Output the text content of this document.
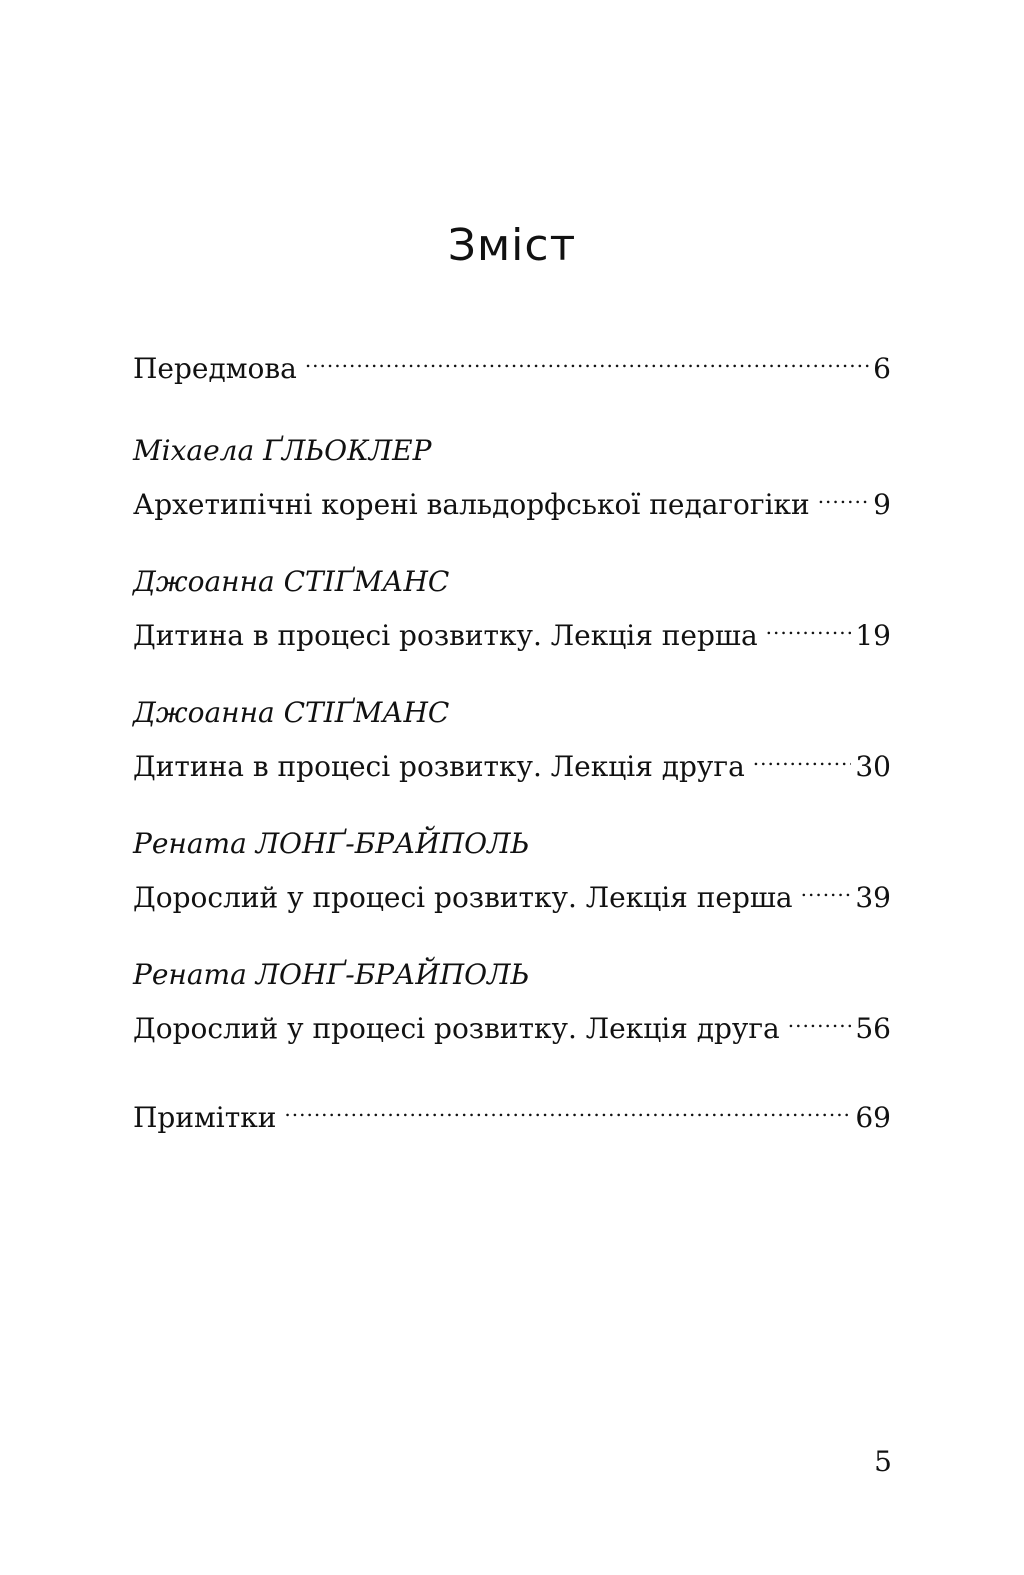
Зміст
Передмова .....	6
Міхаела ҐЛЬОКЛЕР
Архетипічні корені вальдорфської педагогіки ..... 9
Джоанна СТІҐМАНС
Дитина в процесі розвитку. Лекція перша .....	19
Джоанна СТІҐМАНС
Дитина в процесі розвитку. Лекція друга .....	30
Рената ЛОНҐ-БРАЙПОЛЬ
Дорослий у процесі розвитку. Лекція перша ..... 39
Рената ЛОНҐ-БРАЙПОЛЬ
Дорослий у процесі розвитку. Лекція друга .....	56
Примітки .....	69
5
